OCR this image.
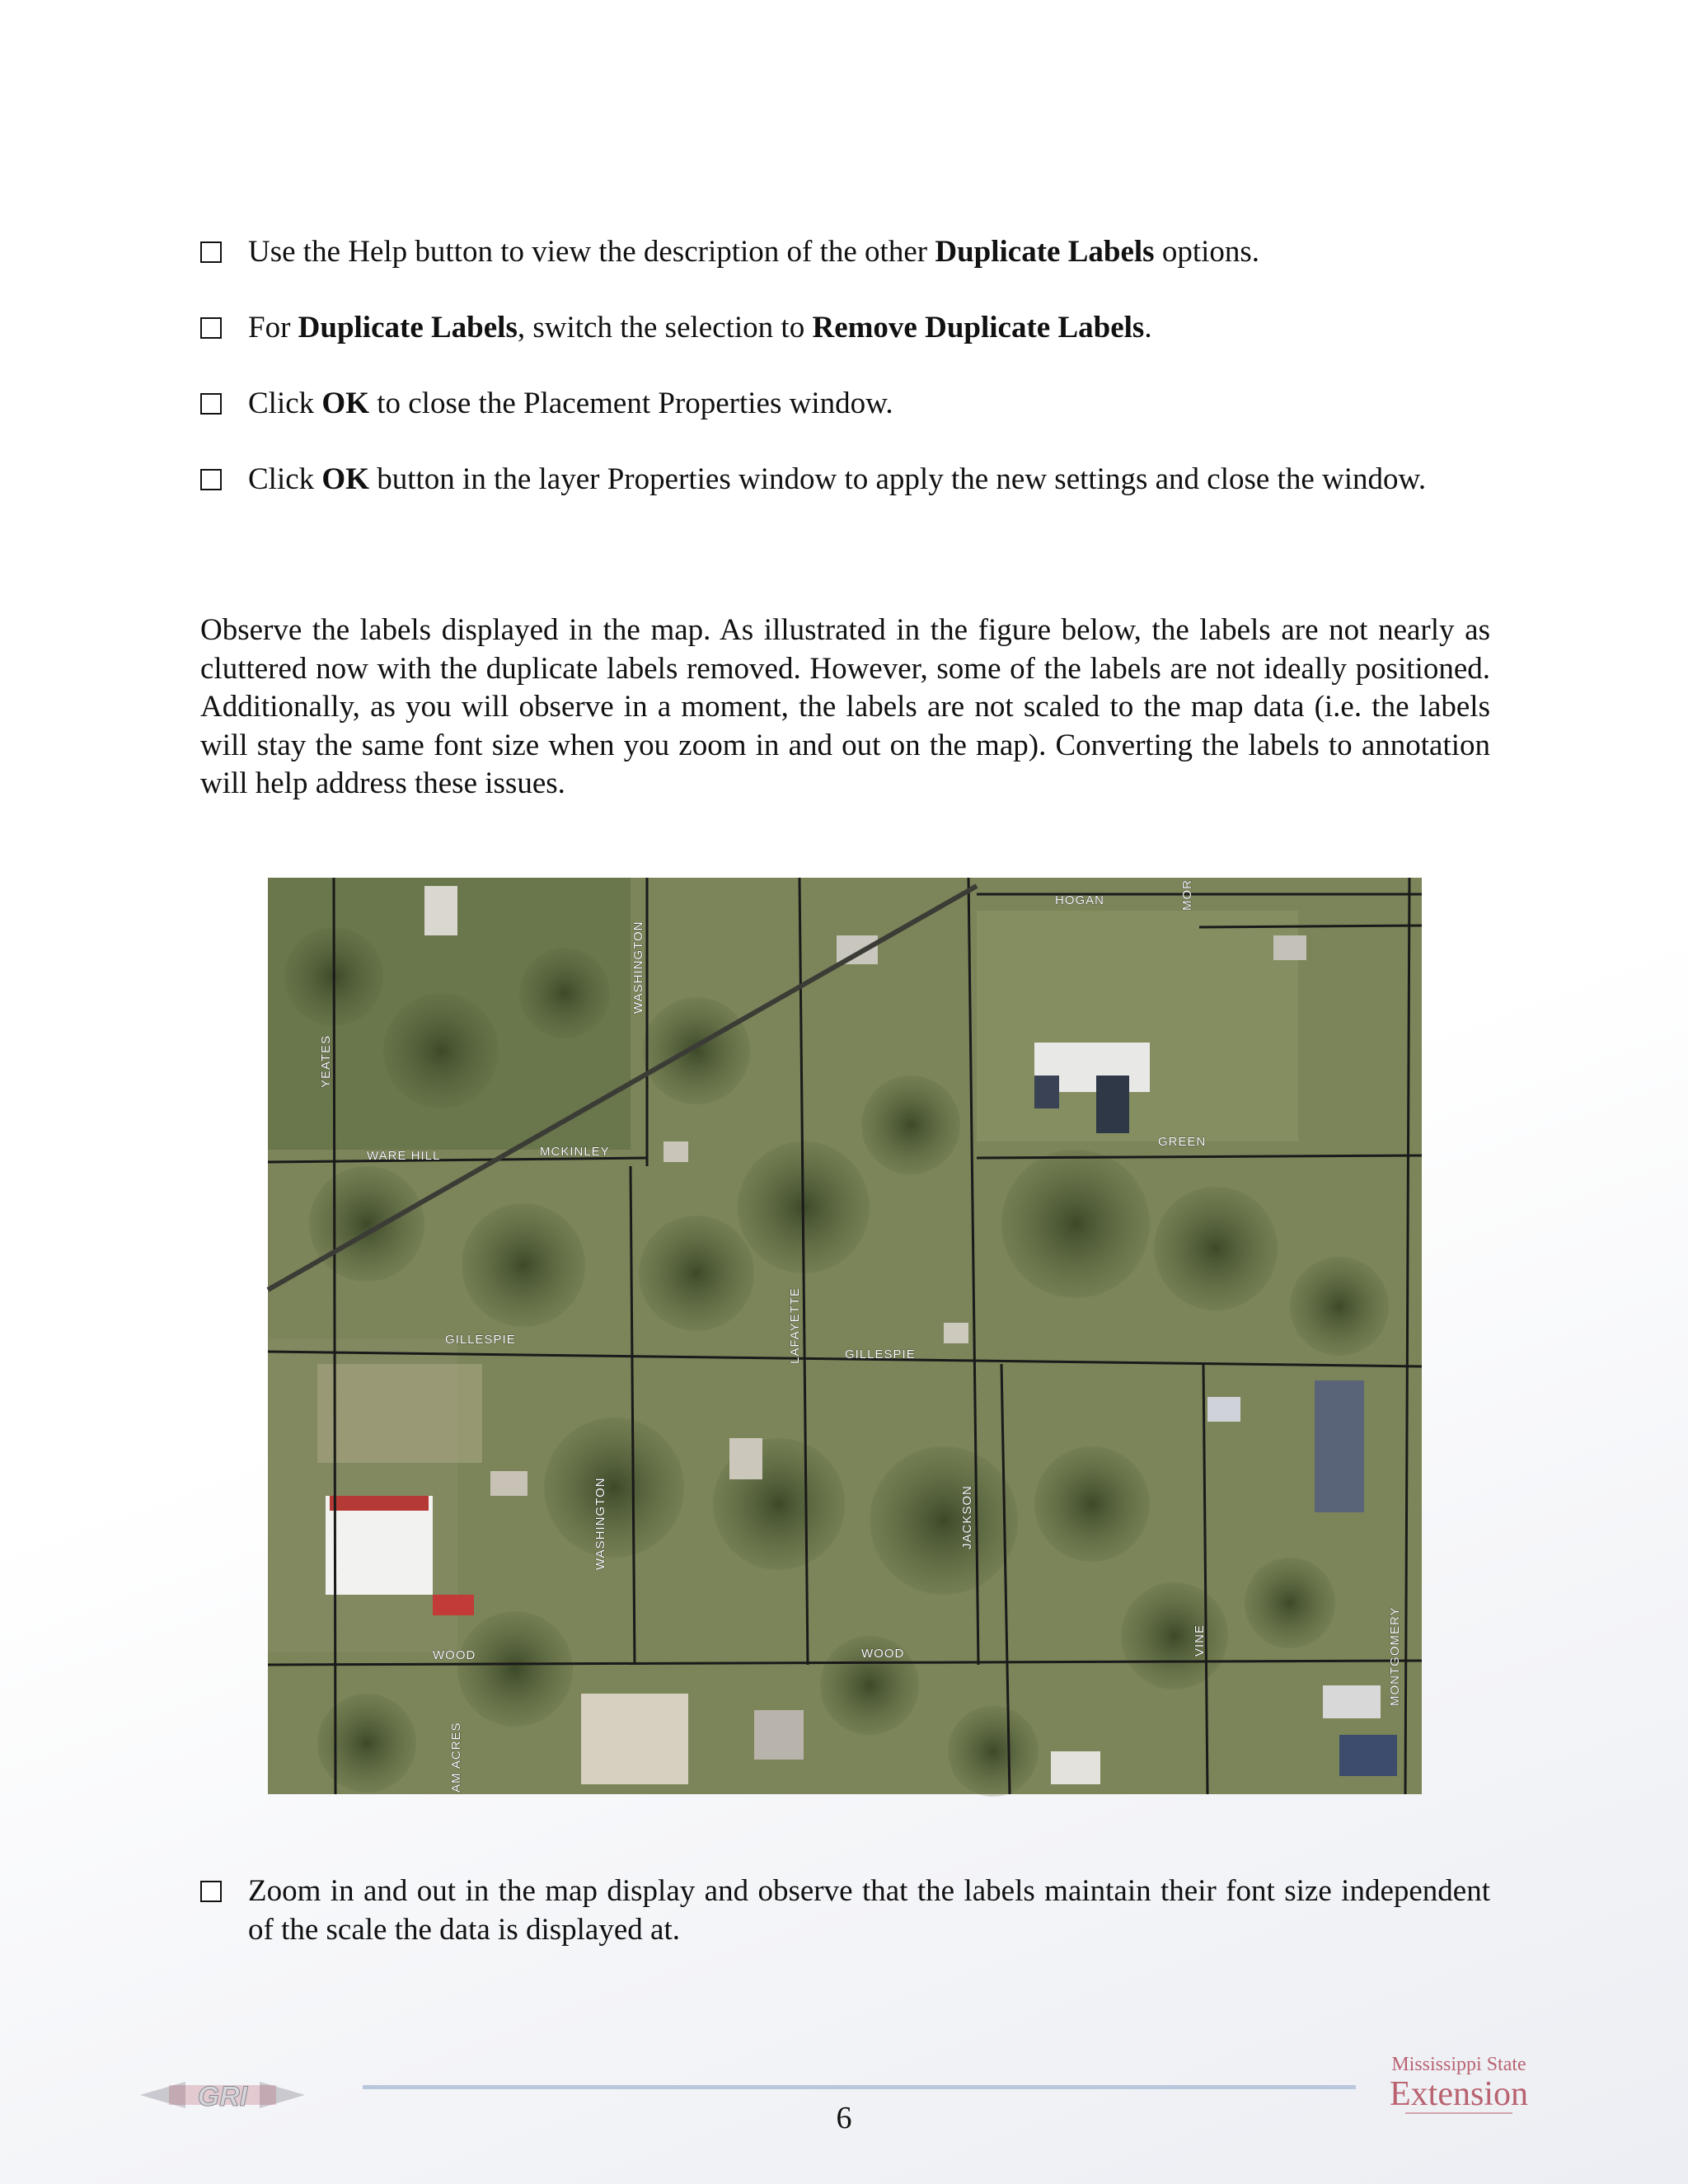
Use the Help button to view the description of the other Duplicate Labels options.
For Duplicate Labels, switch the selection to Remove Duplicate Labels.
Click OK to close the Placement Properties window.
Click OK button in the layer Properties window to apply the new settings and close the window.
Observe the labels displayed in the map. As illustrated in the figure below, the labels are not nearly as cluttered now with the duplicate labels removed. However, some of the labels are not ideally positioned. Additionally, as you will observe in a moment, the labels are not scaled to the map data (i.e. the labels will stay the same font size when you zoom in and out on the map). Converting the labels to annotation will help address these issues.
HOGAN	MOR
WASHINGTON
YEATES
WARE HILL	MCKINLEY
GREEN
LAFAYETTE
GILLESPIE
GILLESPIE
WASHINGTON	JACKSON
WOOD	WOOD	VINE	MONTGOMERY
AM ACRES
Zoom in and out in the map display and observe that the labels maintain their font size independent of the scale the data is displayed at.
GRI
6
Mississippi State
Extension
